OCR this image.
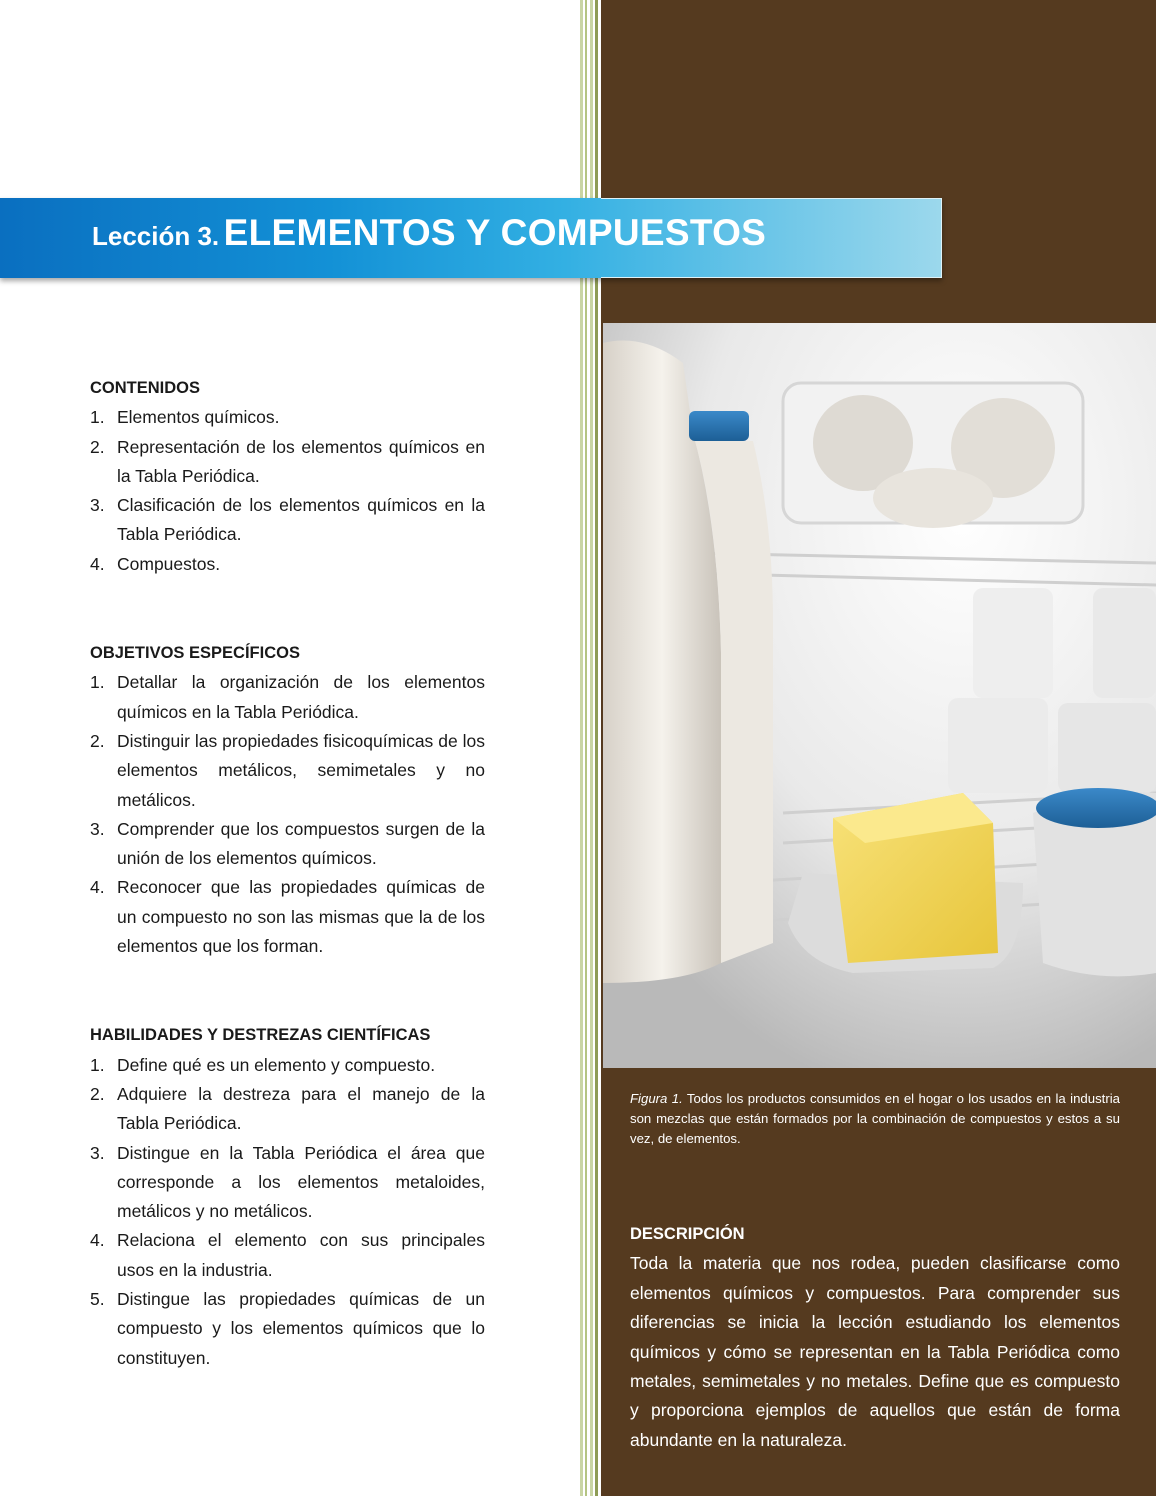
Lección 3. ELEMENTOS Y COMPUESTOS

CONTENIDOS

1. Elementos químicos.
2. Representación de los elementos químicos en la Tabla Periódica.
3. Clasificación de los elementos químicos en la Tabla Periódica.
4. Compuestos.

OBJETIVOS ESPECÍFICOS

1. Detallar la organización de los elementos químicos en la Tabla Periódica.
2. Distinguir las propiedades fisicoquímicas de los elementos metálicos, semimetales y no metálicos.
3. Comprender que los compuestos surgen de la unión de los elementos químicos.
4. Reconocer que las propiedades químicas de un compuesto no son las mismas que la de los elementos que los forman.

HABILIDADES Y DESTREZAS CIENTÍFICAS

1. Define qué es un elemento y compuesto.
2. Adquiere la destreza para el manejo de la Tabla Periódica.
3. Distingue en la Tabla Periódica el área que corresponde a los elementos metaloides, metálicos y no metálicos.
4. Relaciona el elemento con sus principales usos en la industria.
5. Distingue las propiedades químicas de un compuesto y los elementos químicos que lo constituyen.
Figura 1. Todos los productos consumidos en el hogar o los usados en la industria son mezclas que están formados por la combinación de compuestos y estos a su vez, de elementos.

DESCRIPCIÓN

Toda la materia que nos rodea, pueden clasificarse como elementos químicos y compuestos. Para comprender sus diferencias se inicia la lección estudiando los elementos químicos y cómo se representan en la Tabla Periódica como metales, semimetales y no metales. Define que es compuesto y proporciona ejemplos de aquellos que están de forma abundante en la naturaleza.
